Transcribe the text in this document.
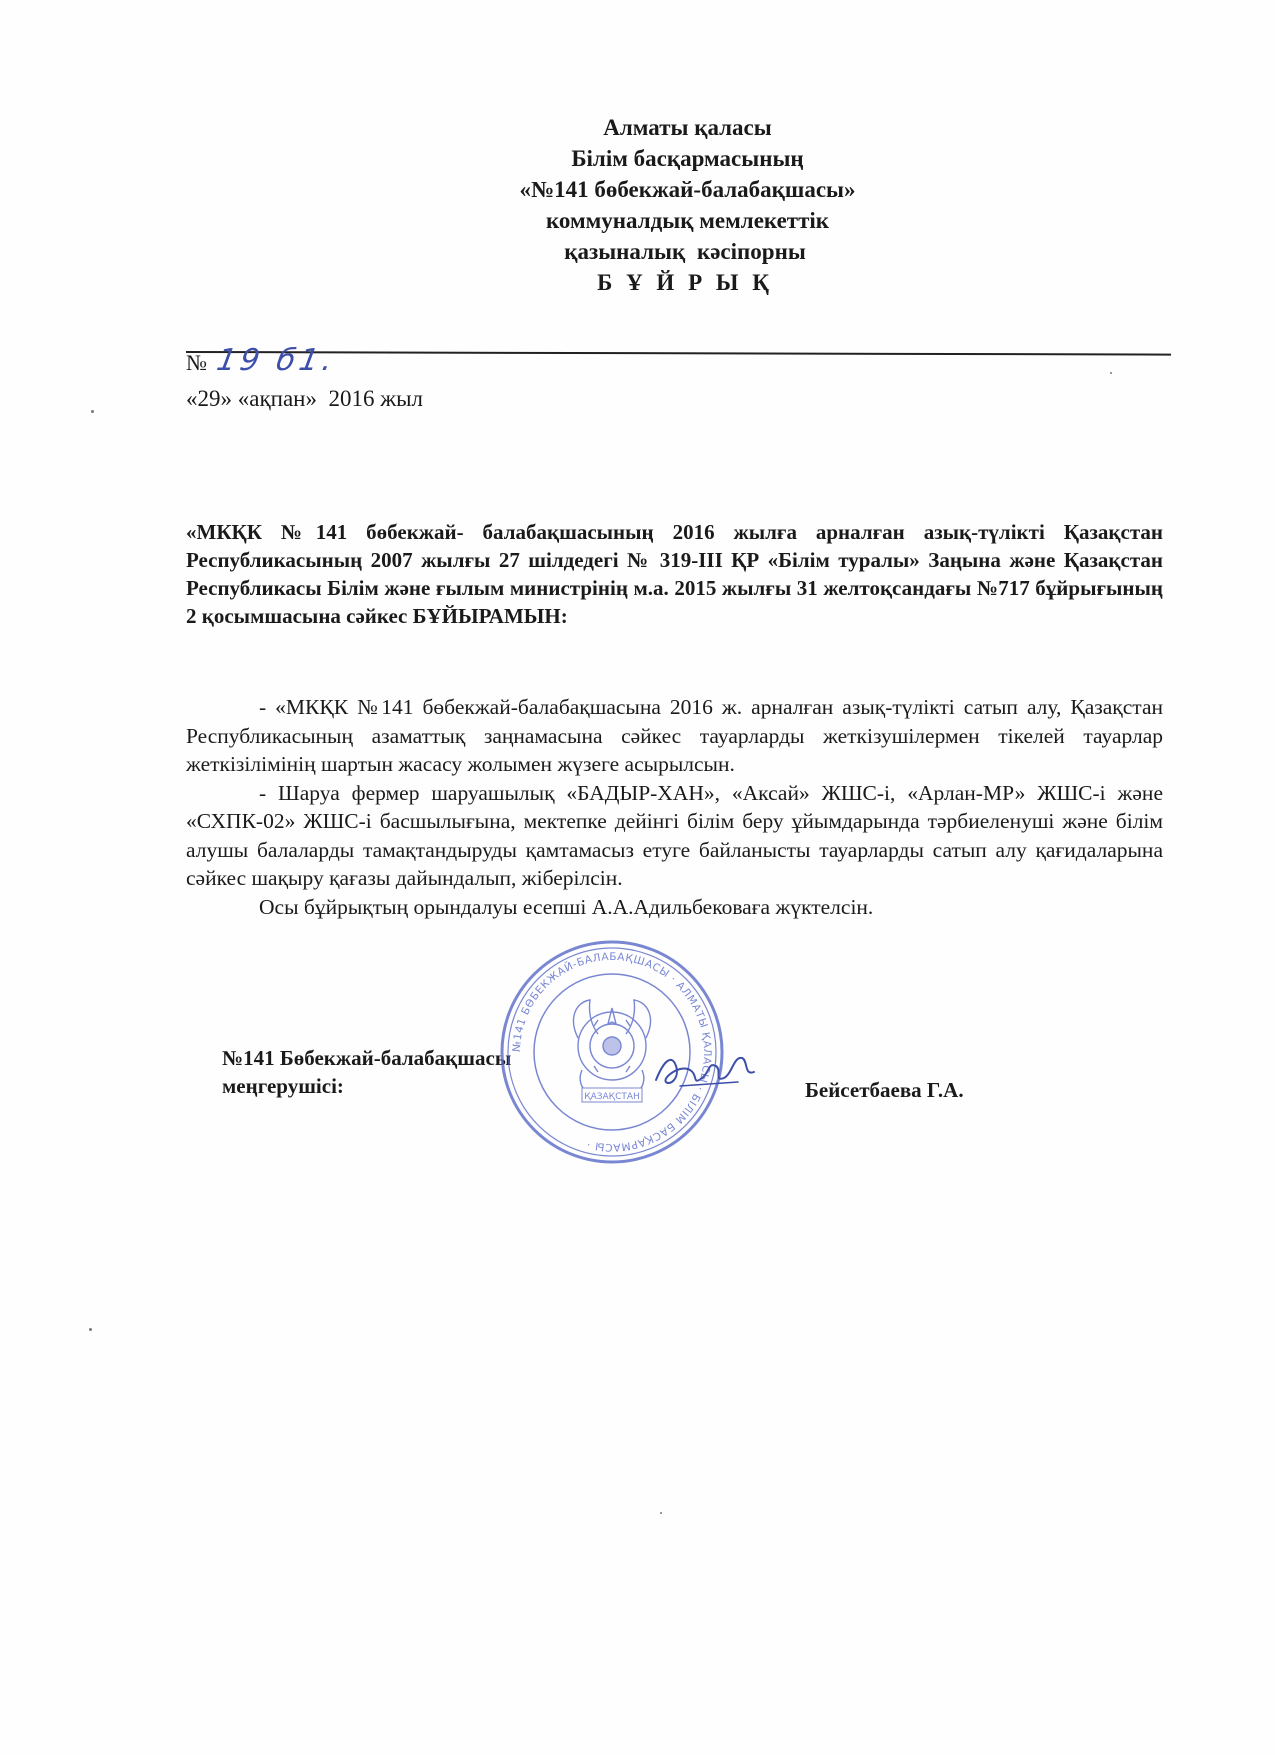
Алматы қаласы
Білім басқармасының
«№141 бөбекжай-балабақшасы»
коммуналдық мемлекеттік
қазыналық кәсіпорны
Б Ұ Й Р Ы Қ
№ 19 б1.
«29» «ақпан»  2016 жыл
«МКҚК №141 бөбекжай- балабақшасының 2016 жылға арналған азық-түлікті Қазақстан Республикасының 2007 жылғы 27 шілдедегі № 319-ІІІ ҚР «Білім туралы» Заңына және Қазақстан Республикасы Білім және ғылым министрінің м.а. 2015 жылғы 31 желтоқсандағы №717 бұйрығының 2 қосымшасына сәйкес БҰЙЫРАМЫН:

- «МКҚК №141 бөбекжай-балабақшасына 2016 ж. арналған азық-түлікті сатып алу, Қазақстан Республикасының азаматтық заңнамасына сәйкес тауарларды жеткізушілермен тікелей тауарлар жеткізілімінің шартын жасасу жолымен жүзеге асырылсын.

- Шаруа фермер шаруашылық «БАДЫР-ХАН», «Аксай» ЖШС-і, «Арлан-МР» ЖШС-і және «СХПК-02» ЖШС-і басшылығына, мектепке дейінгі білім беру ұйымдарында тәрбиеленуші және білім алушы балаларды тамақтандыруды қамтамасыз етуге байланысты тауарларды сатып алу қағидаларына сәйкес шақыру қағазы дайындалып, жіберілсін.

Осы бұйрықтың орындалуы есепші А.А.Адильбековаға жүктелсін.

№141 Бөбекжай-балабақшасы
меңгерушісі:	Бейсетбаева Г.А.
№141 БӨБЕКЖАЙ-БАЛАБАҚШАСЫ · АЛМАТЫ ҚАЛАСЫ · БІЛІМ БАСҚАРМАСЫ ·
ҚАЗАҚСТАН
